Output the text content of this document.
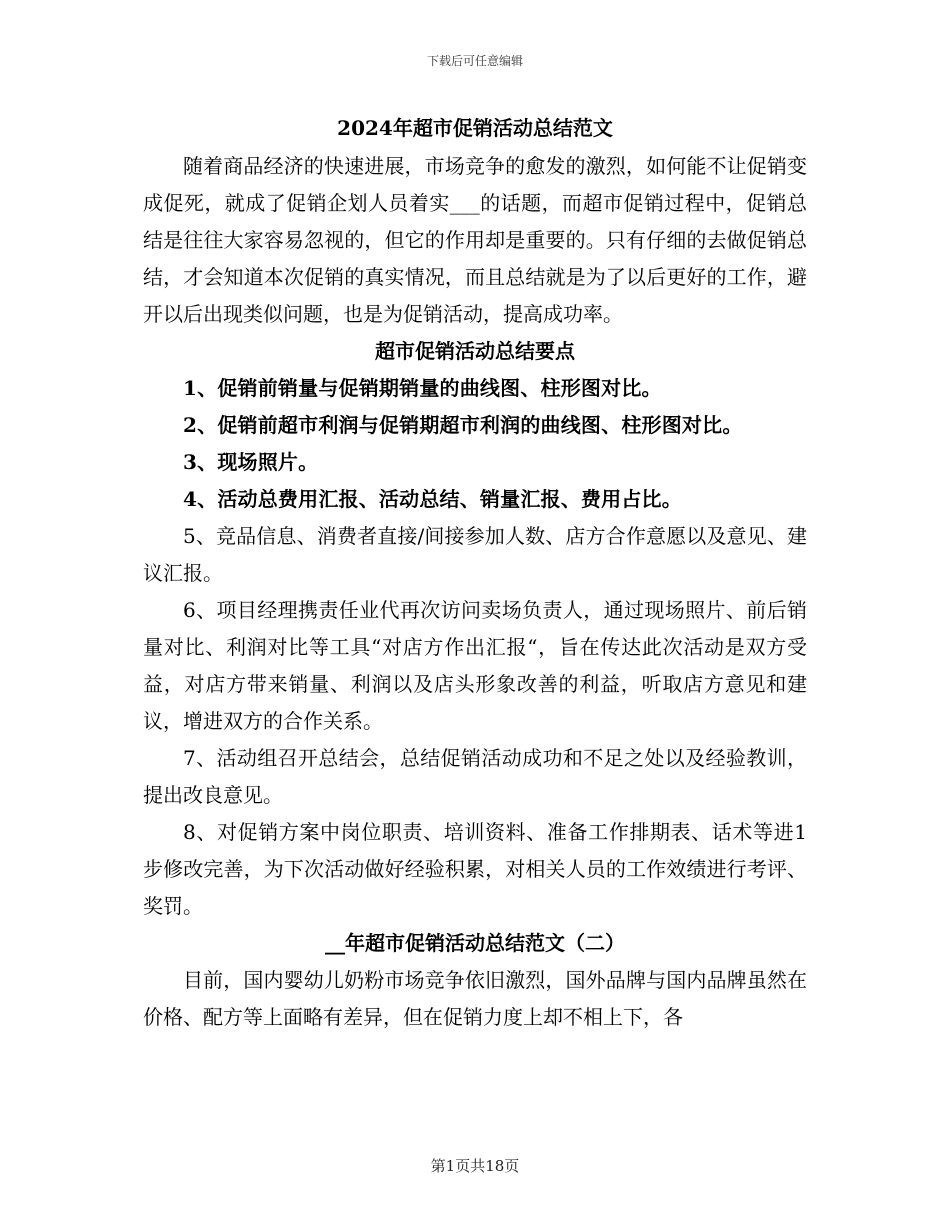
下载后可任意编辑
2024年超市促销活动总结范文

随着商品经济的快速进展，市场竞争的愈发的激烈，如何能不让促销变成促死，就成了促销企划人员着实___的话题，而超市促销过程中，促销总结是往往大家容易忽视的，但它的作用却是重要的。只有仔细的去做促销总结，才会知道本次促销的真实情况，而且总结就是为了以后更好的工作，避开以后出现类似问题，也是为促销活动，提高成功率。

超市促销活动总结要点

1、促销前销量与促销期销量的曲线图、柱形图对比。

2、促销前超市利润与促销期超市利润的曲线图、柱形图对比。

3、现场照片。

4、活动总费用汇报、活动总结、销量汇报、费用占比。

5、竞品信息、消费者直接/间接参加人数、店方合作意愿以及意见、建议汇报。

6、项目经理携责任业代再次访问卖场负责人，通过现场照片、前后销量对比、利润对比等工具“对店方作出汇报“，旨在传达此次活动是双方受益，对店方带来销量、利润以及店头形象改善的利益，听取店方意见和建议，增进双方的合作关系。

7、活动组召开总结会，总结促销活动成功和不足之处以及经验教训，提出改良意见。

8、对促销方案中岗位职责、培训资料、准备工作排期表、话术等进1步修改完善，为下次活动做好经验积累，对相关人员的工作效绩进行考评、奖罚。

__年超市促销活动总结范文（二）

目前，国内婴幼儿奶粉市场竞争依旧激烈，国外品牌与国内品牌虽然在价格、配方等上面略有差异，但在促销力度上却不相上下，各

第1页共18页
